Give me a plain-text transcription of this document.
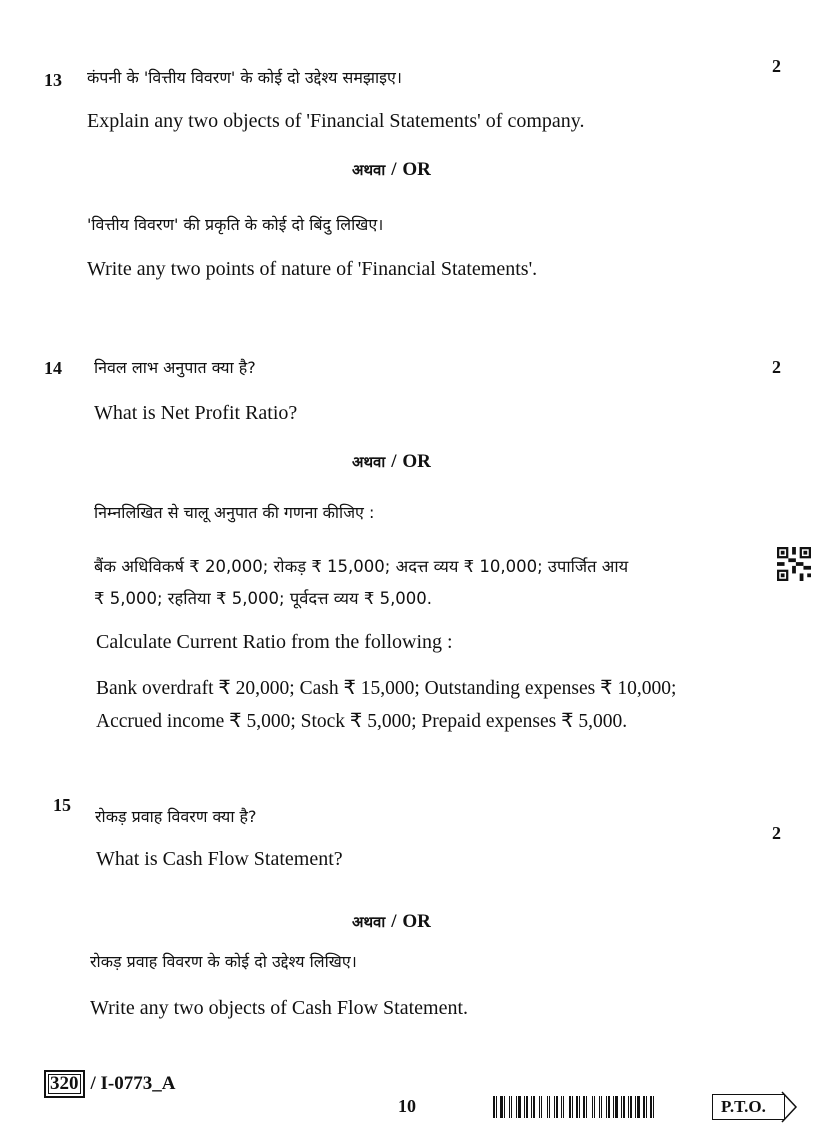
13 कंपनी के 'वित्तीय विवरण' के कोई दो उद्देश्य समझाइए।
2
Explain any two objects of 'Financial Statements' of company.
अथवा / OR
'वित्तीय विवरण' की प्रकृति के कोई दो बिंदु लिखिए।
Write any two points of nature of 'Financial Statements'.
14 निवल लाभ अनुपात क्या है?	2
What is Net Profit Ratio?
अथवा / OR
निम्नलिखित से चालू अनुपात की गणना कीजिए :
बैंक अधिविकर्ष ₹ 20,000; रोकड़ ₹ 15,000; अदत्त व्यय ₹ 10,000; उपार्जित आय
₹ 5,000; रहतिया ₹ 5,000; पूर्वदत्त व्यय ₹ 5,000.
Calculate Current Ratio from the following :
Bank overdraft ₹ 20,000; Cash ₹ 15,000; Outstanding expenses ₹ 10,000;
Accrued income ₹ 5,000; Stock ₹ 5,000; Prepaid expenses ₹ 5,000.
15
रोकड़ प्रवाह विवरण क्या है?
2
What is Cash Flow Statement?
अथवा / OR
रोकड़ प्रवाह विवरण के कोई दो उद्देश्य लिखिए।
Write any two objects of Cash Flow Statement.
320 / I-0773_A
10	P.T.O.
